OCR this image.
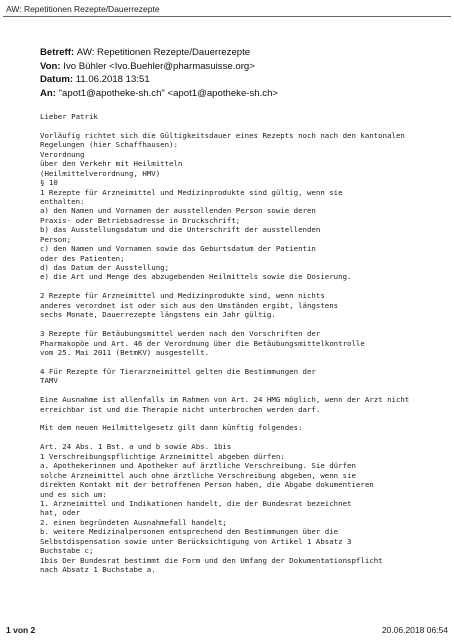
AW: Repetitionen Rezepte/Dauerrezepte
Betreff: AW: Repetitionen Rezepte/Dauerrezepte
Von: Ivo Bühler <Ivo.Buehler@pharmasuisse.org>
Datum: 11.06.2018 13:51
An: "apot1@apotheke-sh.ch" <apot1@apotheke-sh.ch>
Lieber Patrik
Vorläufig richtet sich die Gültigkeitsdauer eines Rezepts noch nach den kantonalen
Regelungen (hier Schaffhausen):
Verordnung
über den Verkehr mit Heilmitteln
(Heilmittelverordnung, HMV)
§ 10
1 Rezepte für Arzneimittel und Medizinprodukte sind gültig, wenn sie
enthalten:
a) den Namen und Vornamen der ausstellenden Person sowie deren
Praxis- oder Betriebsadresse in Druckschrift;
b) das Ausstellungsdatum und die Unterschrift der ausstellenden
Person;
c) den Namen und Vornamen sowie das Geburtsdatum der Patientin
oder des Patienten;
d) das Datum der Ausstellung;
e) die Art und Menge des abzugebenden Heilmittels sowie die Dosierung.
2 Rezepte für Arzneimittel und Medizinprodukte sind, wenn nichts
anderes verordnet ist oder sich aus den Umständen ergibt, längstens
sechs Monate, Dauerrezepte längstens ein Jahr gültig.
3 Rezepte für Betäubungsmittel werden nach den Vorschriften der
Pharmakopöe und Art. 46 der Verordnung über die Betäubungsmittelkontrolle
vom 25. Mai 2011 (BetmKV) ausgestellt.
4 Für Rezepte für Tierarzneimittel gelten die Bestimmungen der
TAMV
Eine Ausnahme ist allenfalls im Rahmen von Art. 24 HMG möglich, wenn der Arzt nicht
erreichbar ist und die Therapie nicht unterbrochen werden darf.
Mit dem neuen Heilmittelgesetz gilt dann künftig folgendes:
Art. 24 Abs. 1 Bst. a und b sowie Abs. 1bis
1 Verschreibungspflichtige Arzneimittel abgeben dürfen:
a. Apothekerinnen und Apotheker auf ärztliche Verschreibung. Sie dürfen
solche Arzneimittel auch ohne ärztliche Verschreibung abgeben, wenn sie
direkten Kontakt mit der betroffenen Person haben, die Abgabe dokumentieren
und es sich um:
1. Arzneimittel und Indikationen handelt, die der Bundesrat bezeichnet
hat, oder
2. einen begründeten Ausnahmefall handelt;
b. weitere Medizinalpersonen entsprechend den Bestimmungen über die
Selbstdispensation sowie unter Berücksichtigung von Artikel 1 Absatz 3
Buchstabe c;
1bis Der Bundesrat bestimmt die Form und den Umfang der Dokumentationspflicht
nach Absatz 1 Buchstabe a.
1 von 2	20.06.2018 06:54
